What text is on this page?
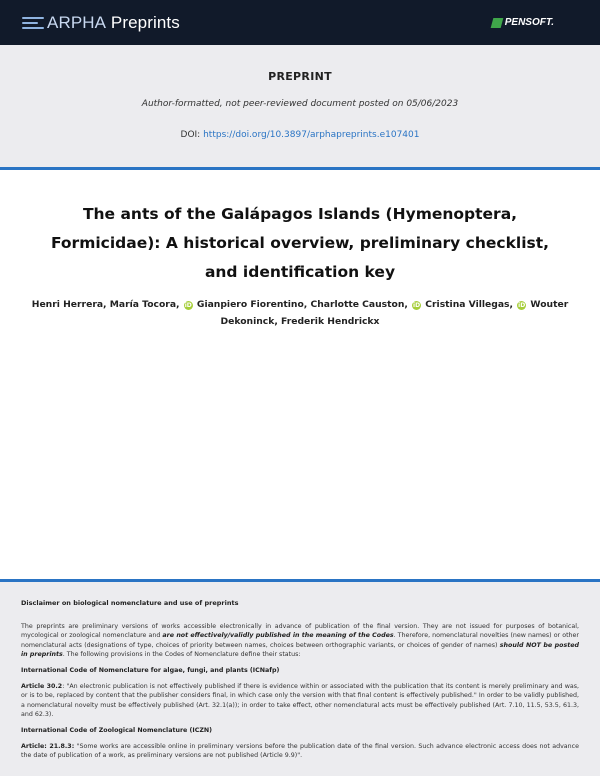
ARPHA Preprints	PENSOFT.
PREPRINT
Author-formatted, not peer-reviewed document posted on 05/06/2023
DOI: https://doi.org/10.3897/arphapreprints.e107401
The ants of the Galápagos Islands (Hymenoptera,
Formicidae): A historical overview, preliminary checklist,
and identification key
Henri Herrera, María Tocora, iD Gianpiero Fiorentino, Charlotte Causton, iD Cristina Villegas, iD Wouter
Dekoninck, Frederik Hendrickx
Disclaimer on biological nomenclature and use of preprints

The preprints are preliminary versions of works accessible electronically in advance of publication of the final version. They are not issued for purposes of botanical, mycological or zoological nomenclature and are not effectively/validly published in the meaning of the Codes. Therefore, nomenclatural novelties (new names) or other nomenclatural acts (designations of type, choices of priority between names, choices between orthographic variants, or choices of gender of names) should NOT be posted in preprints. The following provisions in the Codes of Nomenclature define their status:

International Code of Nomenclature for algae, fungi, and plants (ICNafp)

Article 30.2: "An electronic publication is not effectively published if there is evidence within or associated with the publication that its content is merely preliminary and was, or is to be, replaced by content that the publisher considers final, in which case only the version with that final content is effectively published." In order to be validly published, a nomenclatural novelty must be effectively published (Art. 32.1(a)); in order to take effect, other nomenclatural acts must be effectively published (Art. 7.10, 11.5, 53.5, 61.3, and 62.3).

International Code of Zoological Nomenclature (ICZN)

Article: 21.8.3: "Some works are accessible online in preliminary versions before the publication date of the final version. Such advance electronic access does not advance the date of publication of a work, as preliminary versions are not published (Article 9.9)".
